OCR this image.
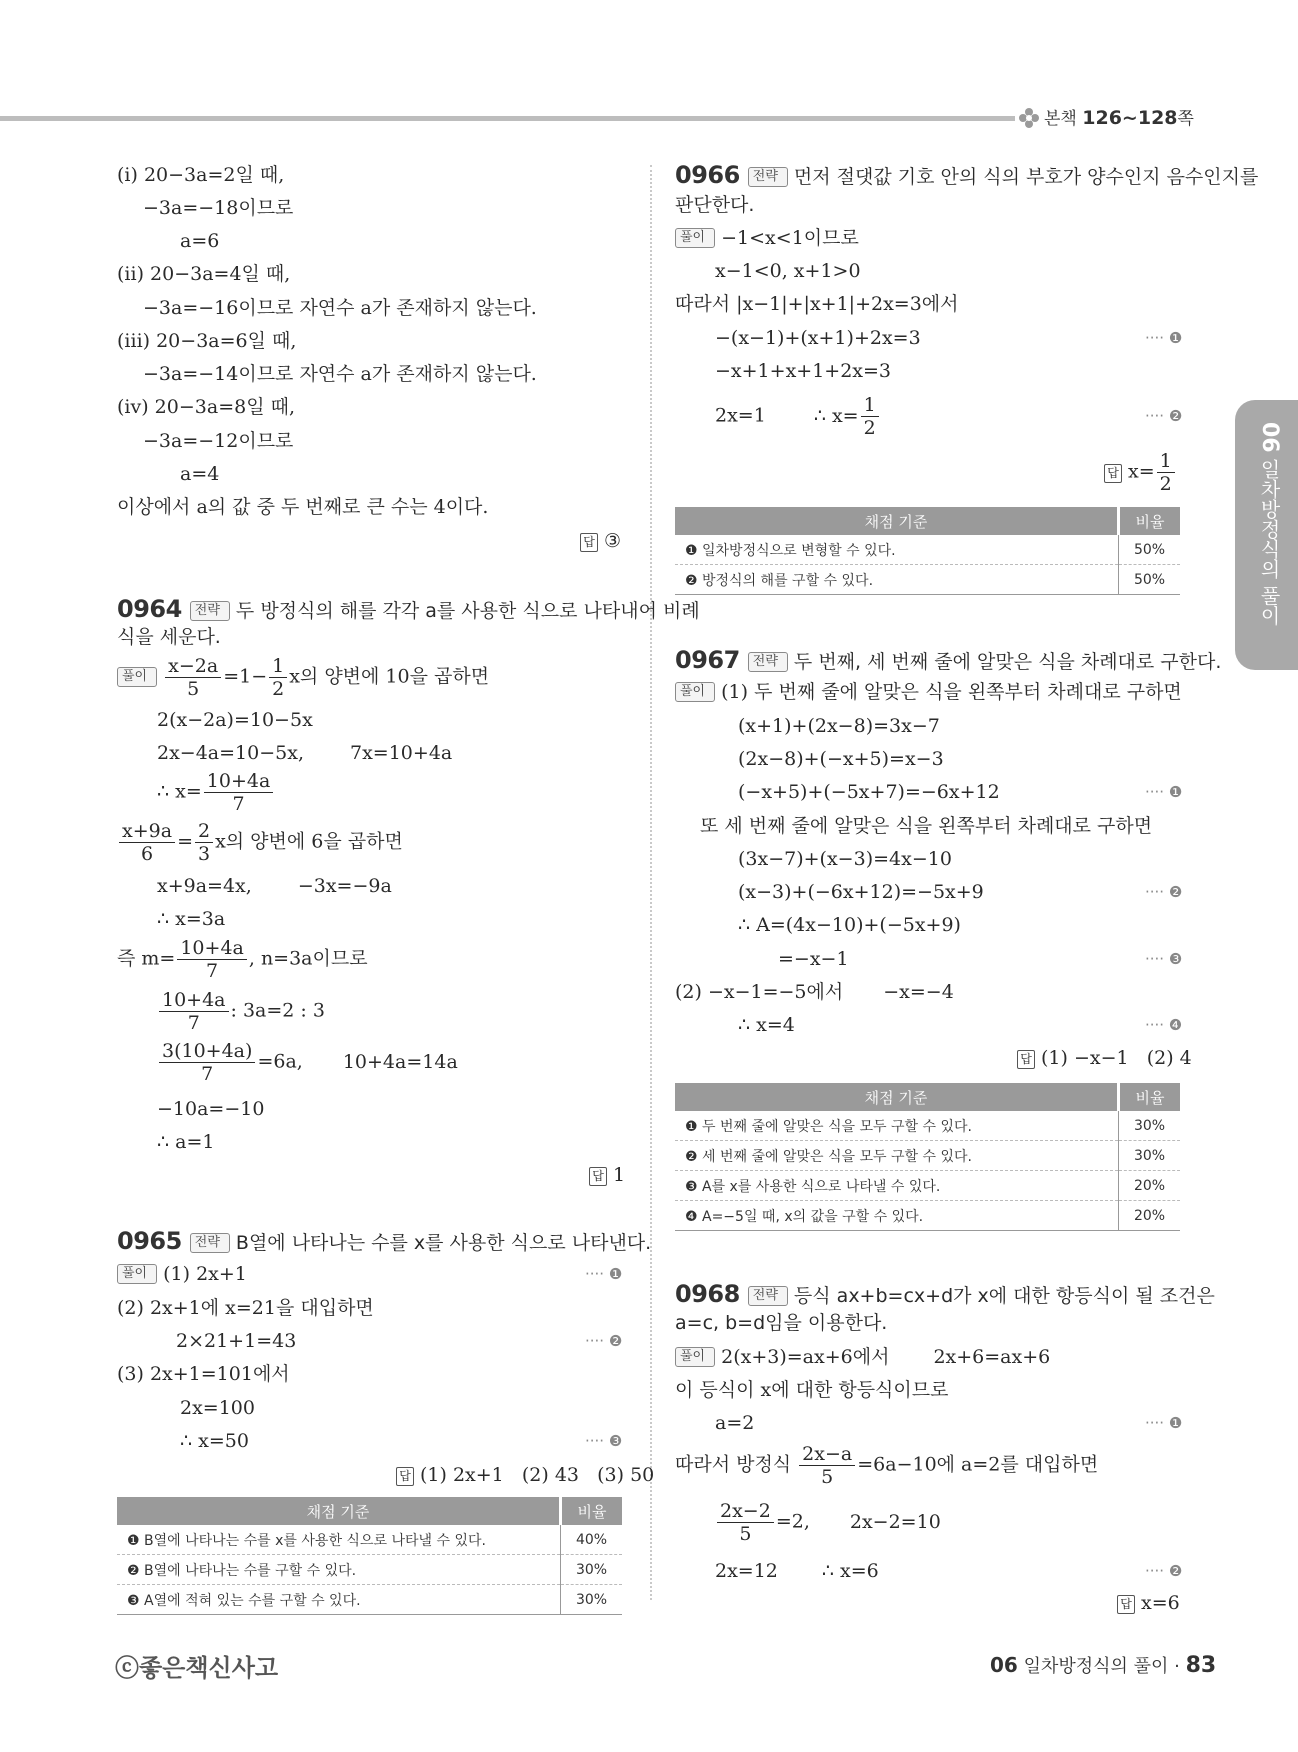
본책 126~128쪽
06 일차방정식의 풀이
(i) 20−3a=2일 때,
−3a=−18이므로
a=6
(ii) 20−3a=4일 때,
−3a=−16이므로 자연수 a가 존재하지 않는다.
(iii) 20−3a=6일 때,
−3a=−14이므로 자연수 a가 존재하지 않는다.
(iv) 20−3a=8일 때,
−3a=−12이므로
a=4
이상에서 a의 값 중 두 번째로 큰 수는 4이다.
답 ③
0964 전략 두 방정식의 해를 각각 a를 사용한 식으로 나타내어 비례
식을 세운다.
풀이 $\frac{x-2a}{5} =1- \frac{1}{2}$ x의 양변에 10을 곱하면
2(x−2a)=10−5x
2x−4a=10−5x, 7x=10+4a
∴ $x= \frac{10+4a}{7}$
$\frac{x+9a}{6} = \frac{2}{3}$ x의 양변에 6을 곱하면
x+9a=4x, −3x=−9a
∴ x=3a
즉 $m= \frac{10+4a}{7}$ , n=3a이므로
$\frac{10+4a}{7}$ : 3a=2 : 3
$\frac{3(10+4a)}{7} =6a$, 10+4a=14a
−10a=−10
∴ a=1
답 1
0965 전략 B열에 나타나는 수를 x를 사용한 식으로 나타낸다.
풀이 (1) 2x+1	···· ❶
(2) 2x+1에 x=21을 대입하면
2×21+1=43	···· ❷
(3) 2x+1=101에서
2x=100
∴ x=50	···· ❸
답 (1) 2x+1   (2) 43   (3) 50
채점 기준	비율
❶ B열에 나타나는 수를 x를 사용한 식으로 나타낼 수 있다.	40%
❷ B열에 나타나는 수를 구할 수 있다.	30%
❸ A열에 적혀 있는 수를 구할 수 있다.	30%
0966 전략 먼저 절댓값 기호 안의 식의 부호가 양수인지 음수인지를
판단한다.
풀이 −1<x<1이므로
x−1<0, x+1>0
따라서 |x−1|+|x+1|+2x=3에서
−(x−1)+(x+1)+2x=3	···· ❶
−x+1+x+1+2x=3
2x=1	∴ $x= \frac{1}{2}$	···· ❷
답 $x= \frac{1}{2}$
채점 기준	비율
❶ 일차방정식으로 변형할 수 있다.	50%
❷ 방정식의 해를 구할 수 있다.	50%
0967 전략 두 번째, 세 번째 줄에 알맞은 식을 차례대로 구한다.
풀이 (1) 두 번째 줄에 알맞은 식을 왼쪽부터 차례대로 구하면
(x+1)+(2x−8)=3x−7
(2x−8)+(−x+5)=x−3
(−x+5)+(−5x+7)=−6x+12	···· ❶
또 세 번째 줄에 알맞은 식을 왼쪽부터 차례대로 구하면
(3x−7)+(x−3)=4x−10
(x−3)+(−6x+12)=−5x+9	···· ❷
∴ A=(4x−10)+(−5x+9)
=−x−1	···· ❸
(2) −x−1=−5에서 −x=−4
∴ x=4	···· ❹
답 (1) −x−1   (2) 4
채점 기준	비율
❶ 두 번째 줄에 알맞은 식을 모두 구할 수 있다.	30%
❷ 세 번째 줄에 알맞은 식을 모두 구할 수 있다.	30%
❸ A를 x를 사용한 식으로 나타낼 수 있다.	20%
❹ A=−5일 때, x의 값을 구할 수 있다.	20%
0968 전략 등식 ax+b=cx+d가 x에 대한 항등식이 될 조건은
a=c, b=d임을 이용한다.
풀이 2(x+3)=ax+6에서 2x+6=ax+6
이 등식이 x에 대한 항등식이므로
a=2	···· ❶
따라서 방정식 $\frac{2x-a}{5} =6a-10$에 a=2를 대입하면
$\frac{2x-2}{5} =2$, 2x−2=10
2x=12 ∴ x=6	···· ❷
답 x=6
ⓒ좋은책신사고	06 일차방정식의 풀이 · 83
